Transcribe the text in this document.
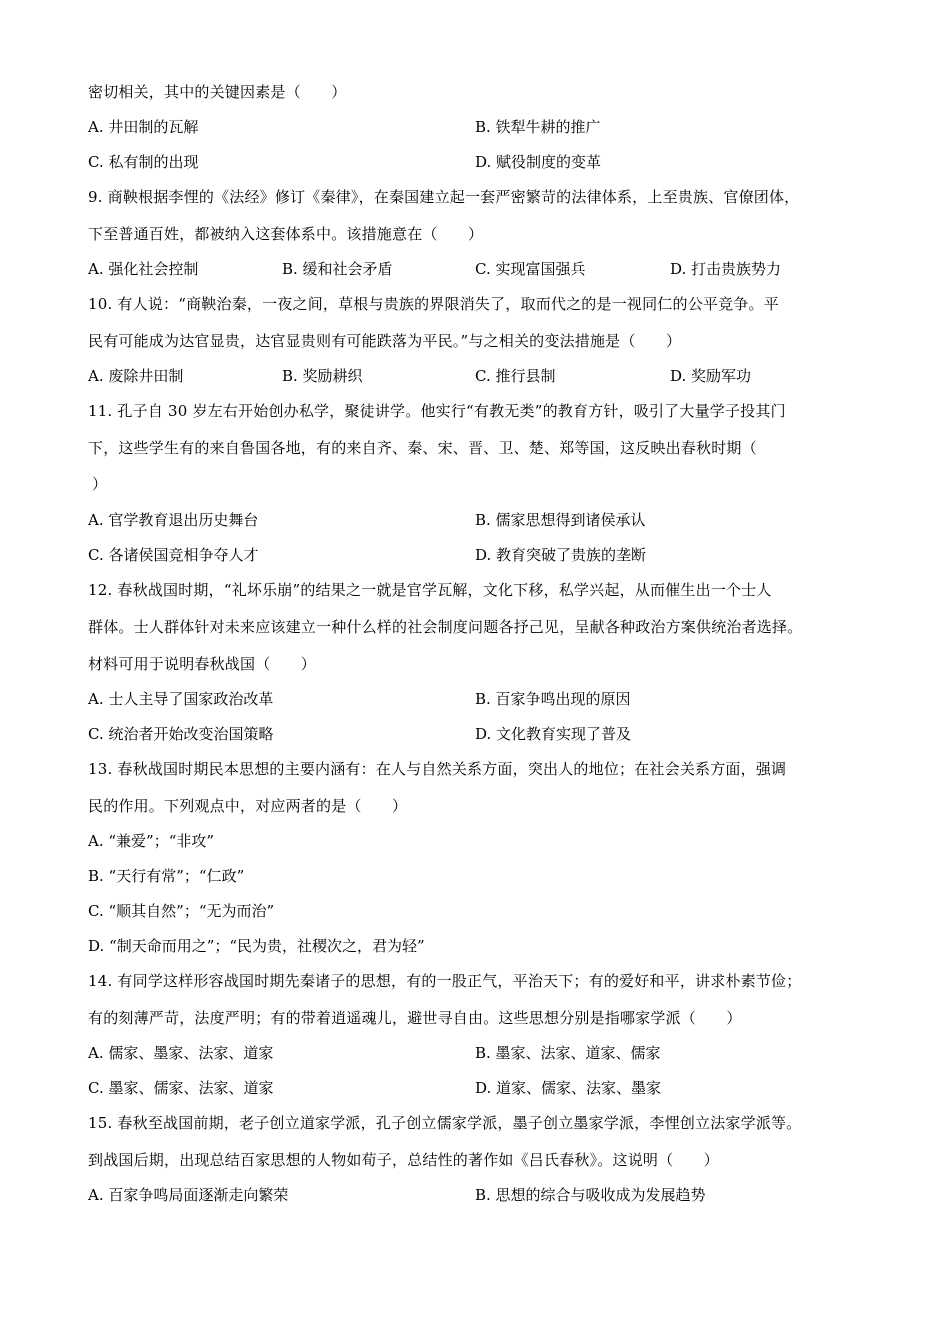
密切相关，其中的关键因素是（　　）
A. 井田制的瓦解	B. 铁犁牛耕的推广
C. 私有制的出现	D. 赋役制度的变革
9. 商鞅根据李悝的《法经》修订《秦律》，在秦国建立起一套严密繁苛的法律体系，上至贵族、官僚团体，
下至普通百姓，都被纳入这套体系中。该措施意在（　　）
A. 强化社会控制	B. 缓和社会矛盾	C. 实现富国强兵	D. 打击贵族势力
10. 有人说：“商鞅治秦，一夜之间，草根与贵族的界限消失了，取而代之的是一视同仁的公平竞争。平
民有可能成为达官显贵，达官显贵则有可能跌落为平民。”与之相关的变法措施是（　　）
A. 废除井田制	B. 奖励耕织	C. 推行县制	D. 奖励军功
11. 孔子自 30 岁左右开始创办私学，聚徒讲学。他实行“有教无类”的教育方针，吸引了大量学子投其门
下，这些学生有的来自鲁国各地，有的来自齐、秦、宋、晋、卫、楚、郑等国，这反映出春秋时期（
）
A. 官学教育退出历史舞台	B. 儒家思想得到诸侯承认
C. 各诸侯国竞相争夺人才	D. 教育突破了贵族的垄断
12. 春秋战国时期，“礼坏乐崩”的结果之一就是官学瓦解，文化下移，私学兴起，从而催生出一个士人
群体。士人群体针对未来应该建立一种什么样的社会制度问题各抒己见，呈献各种政治方案供统治者选择。
材料可用于说明春秋战国（　　）
A. 士人主导了国家政治改革	B. 百家争鸣出现的原因
C. 统治者开始改变治国策略	D. 文化教育实现了普及
13. 春秋战国时期民本思想的主要内涵有：在人与自然关系方面，突出人的地位；在社会关系方面，强调
民的作用。下列观点中，对应两者的是（　　）
A. “兼爱”；“非攻”
B. “天行有常”；“仁政”
C. “顺其自然”；“无为而治”
D. “制天命而用之”；“民为贵，社稷次之，君为轻”
14. 有同学这样形容战国时期先秦诸子的思想，有的一股正气，平治天下；有的爱好和平，讲求朴素节俭；
有的刻薄严苛，法度严明；有的带着逍遥魂儿，避世寻自由。这些思想分别是指哪家学派（　　）
A. 儒家、墨家、法家、道家	B. 墨家、法家、道家、儒家
C. 墨家、儒家、法家、道家	D. 道家、儒家、法家、墨家
15. 春秋至战国前期，老子创立道家学派，孔子创立儒家学派，墨子创立墨家学派，李悝创立法家学派等。
到战国后期，出现总结百家思想的人物如荀子，总结性的著作如《吕氏春秋》。这说明（　　）
A. 百家争鸣局面逐渐走向繁荣	B. 思想的综合与吸收成为发展趋势
